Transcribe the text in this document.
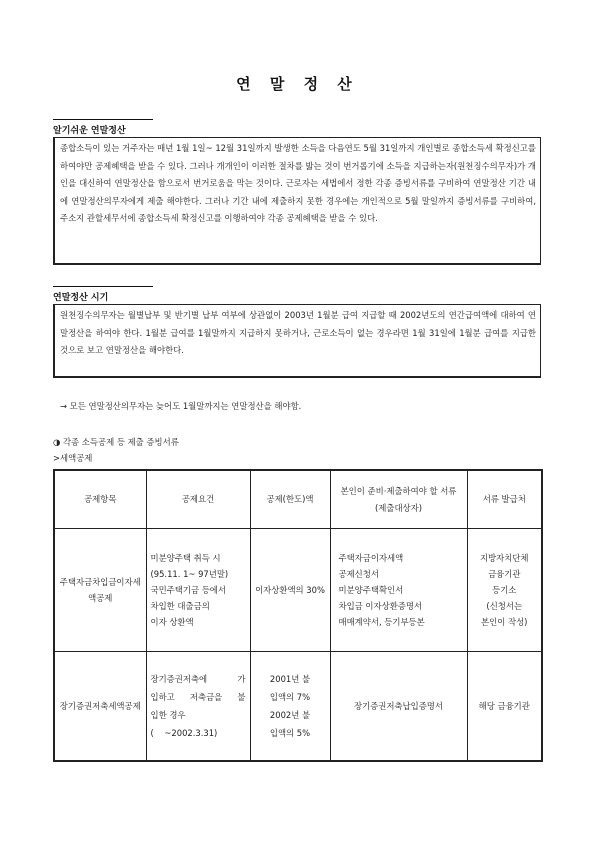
연 말 정 산
알기쉬운 연말정산

종합소득이 있는 거주자는 매년 1월 1일~ 12월 31일까지 발생한 소득을 다음연도 5월 31일까지 개인별로 종합소득세 확정신고를 하여야만 공제혜택을 받을 수 있다. 그러나 개개인이 이러한 절차를 밟는 것이 번거롭기에 소득을 지급하는자(원천징수의무자)가 개인을 대신하여 연말정산을 함으로서 번거로움을 막는 것이다. 근로자는 세법에서 정한 각종 증빙서류를 구비하여 연말정산 기간 내에 연말정산의무자에게 제출 해야한다. 그러나 기간 내에 제출하지 못한 경우에는 개인적으로 5월 말일까지 증빙서류를 구비하여, 주소지 관할세무서에 종합소득세 확정신고를 이행하여야 각종 공제혜택을 받을 수 있다.

연말정산 시기

원천징수의무자는 월별납부 및 반기별 납부 여부에 상관없이 2003년 1월분 급여 지급할 때 2002년도의 연간급여액에 대하여 연말정산을 하여야 한다. 1월분 급여를 1월말까지 지급하지 못하거나, 근로소득이 없는 경우라면 1월 31일에 1월분 급여를 지급한 것으로 보고 연말정산을 해야한다.

→ 모든 연말정산의무자는 늦어도 1월말까지는 연말정산을 해야함.
◑ 각종 소득공제 등 제출 증빙서류
>세액공제
공제항목	공제요건	공제(한도)액	본인이 준비·제출하여야 할 서류 (제출대상자)	서류 발급처
주택자금차입금이자세액공제	미분양주택 취득 시
(95.11. 1~ 97년말)
국민주택기금 등에서
차입한 대출금의
이자 상환액	이자상환액의 30%	주택자금이자세액
공제신청서
미분양주택확인서
차입금 이자상환증명서
매매계약서, 등기부등본	지방자치단체
금융기관
등기소
(신청서는
본인이 작성)

장기증권저축세액공제	장기증권저축에 가
입하고 저축금을 불
입한 경우
(    ~2002.3.31)	2001년 불
입액의 7%
2002년 불
입액의 5%	장기증권저축납입증명서	해당 금융기관
